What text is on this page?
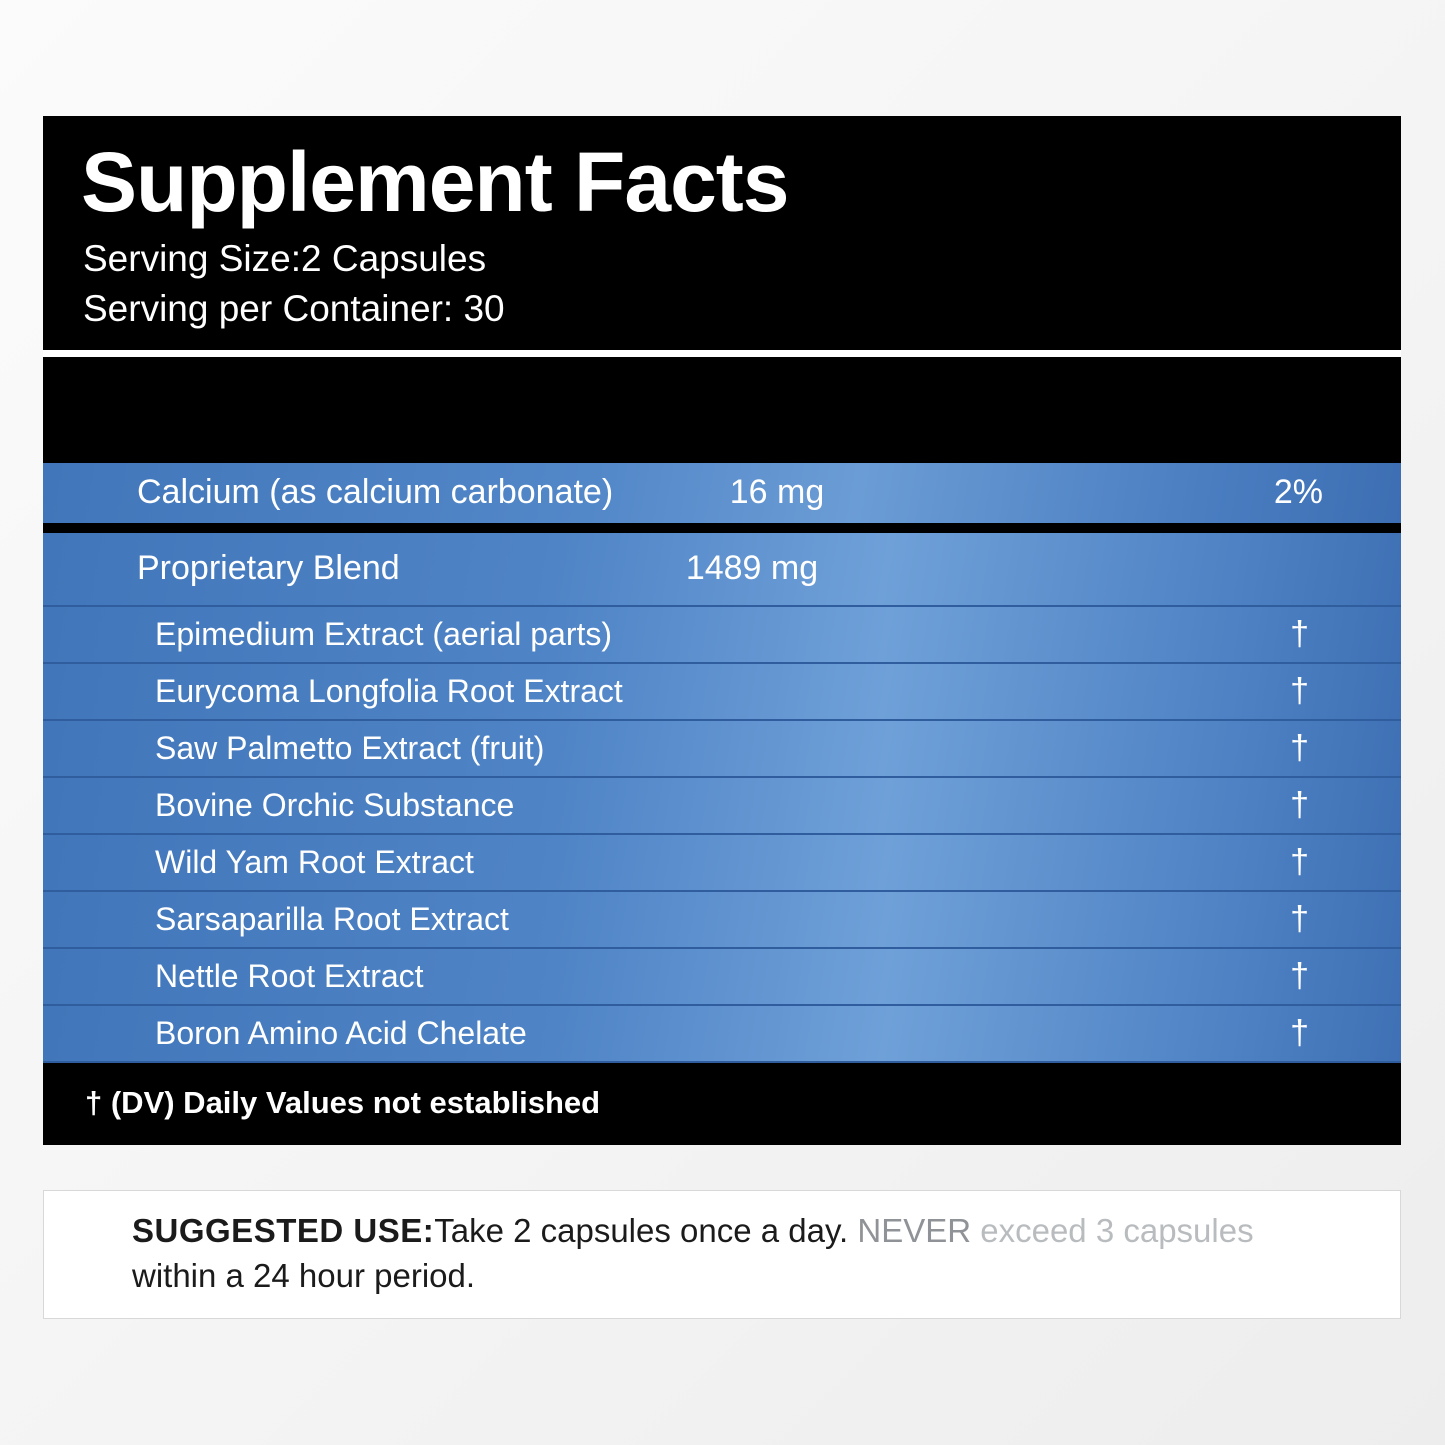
Supplement Facts
Serving Size:2 Capsules
Serving per Container: 30
Calcium (as calcium carbonate)	16 mg	2%
Proprietary Blend	1489 mg
Epimedium Extract (aerial parts)	†
Eurycoma Longfolia Root Extract	†
Saw Palmetto Extract (fruit)	†
Bovine Orchic Substance	†
Wild Yam Root Extract	†
Sarsaparilla Root Extract	†
Nettle Root Extract	†
Boron Amino Acid Chelate	†
† (DV) Daily Values not established

SUGGESTED USE:Take 2 capsules once a day. NEVER exceed 3 capsules

within a 24 hour period.
